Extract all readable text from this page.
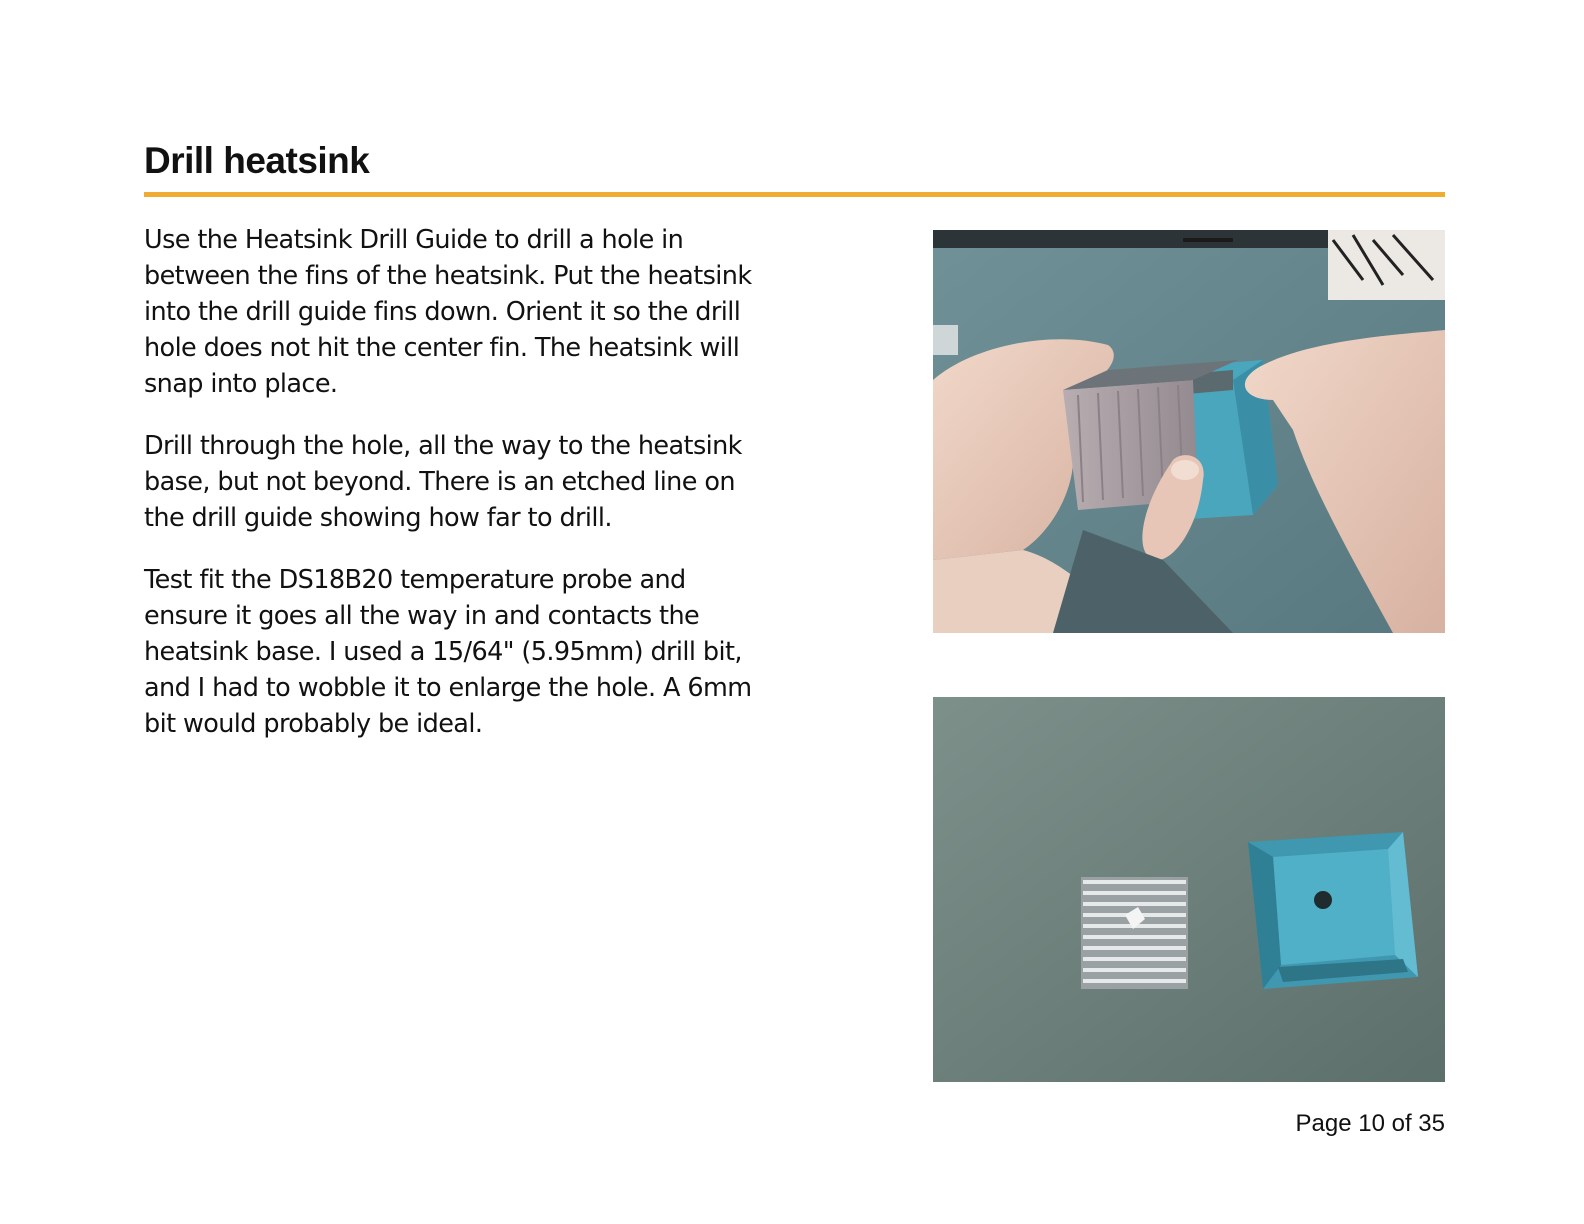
Drill heatsink

Use the Heatsink Drill Guide to drill a hole in between the fins of the heatsink. Put the heatsink into the drill guide fins down. Orient it so the drill hole does not hit the center fin. The heatsink will snap into place.

Drill through the hole, all the way to the heatsink base, but not beyond. There is an etched line on the drill guide showing how far to drill.

Test fit the DS18B20 temperature probe and ensure it goes all the way in and contacts the heatsink base. I used a 15/64" (5.95mm) drill bit, and I had to wobble it to enlarge the hole. A 6mm bit would probably be ideal.

Page 10 of 35
